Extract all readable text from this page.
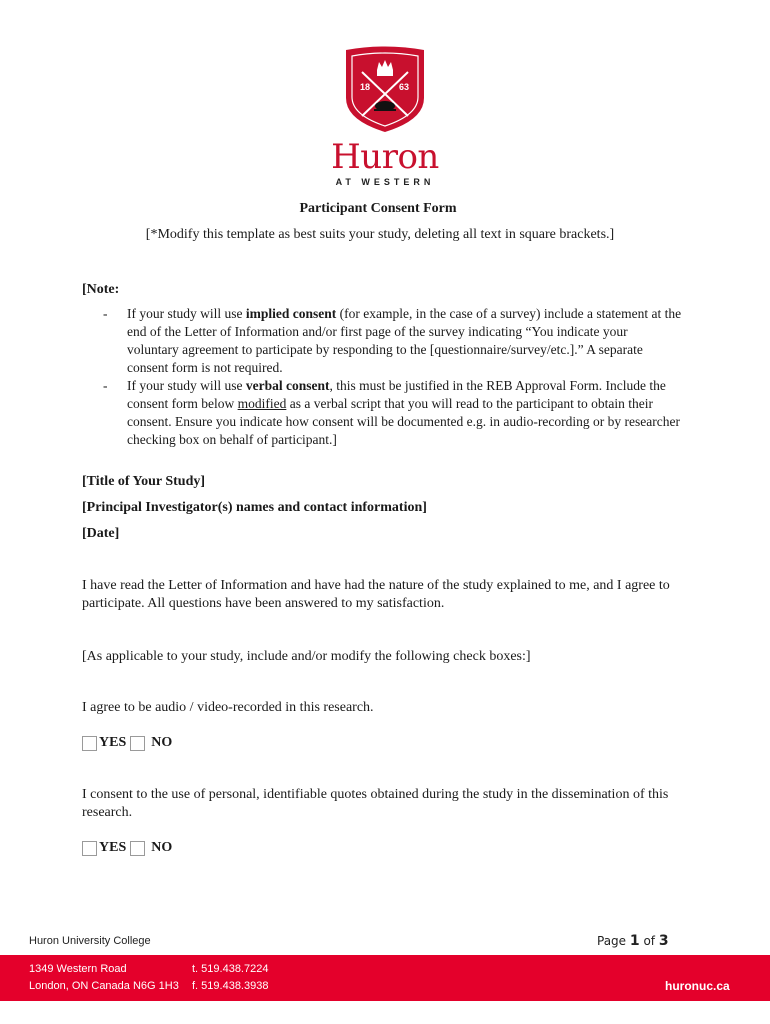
18	63
Huron
AT WESTERN
Participant Consent Form
[*Modify this template as best suits your study, deleting all text in square brackets.]
[Note:
- If your study will use implied consent (for example, in the case of a survey) include a statement at the end of the Letter of Information and/or first page of the survey indicating “You indicate your voluntary agreement to participate by responding to the [questionnaire/survey/etc.].” A separate consent form is not required.
- If your study will use verbal consent, this must be justified in the REB Approval Form. Include the consent form below modified as a verbal script that you will read to the participant to obtain their consent. Ensure you indicate how consent will be documented e.g. in audio-recording or by researcher checking box on behalf of participant.]
[Title of Your Study]
[Principal Investigator(s) names and contact information]
[Date]
I have read the Letter of Information and have had the nature of the study explained to me, and I agree to participate. All questions have been answered to my satisfaction.
[As applicable to your study, include and/or modify the following check boxes:]
I agree to be audio / video-recorded in this research.
YES NO
I consent to the use of personal, identifiable quotes obtained during the study in the dissemination of this research.
YES NO
Huron University College	Page 1 of 3
1349 Western Road
London, ON Canada N6G 1H3
t. 519.438.7224
f. 519.438.3938	huronuc.ca
